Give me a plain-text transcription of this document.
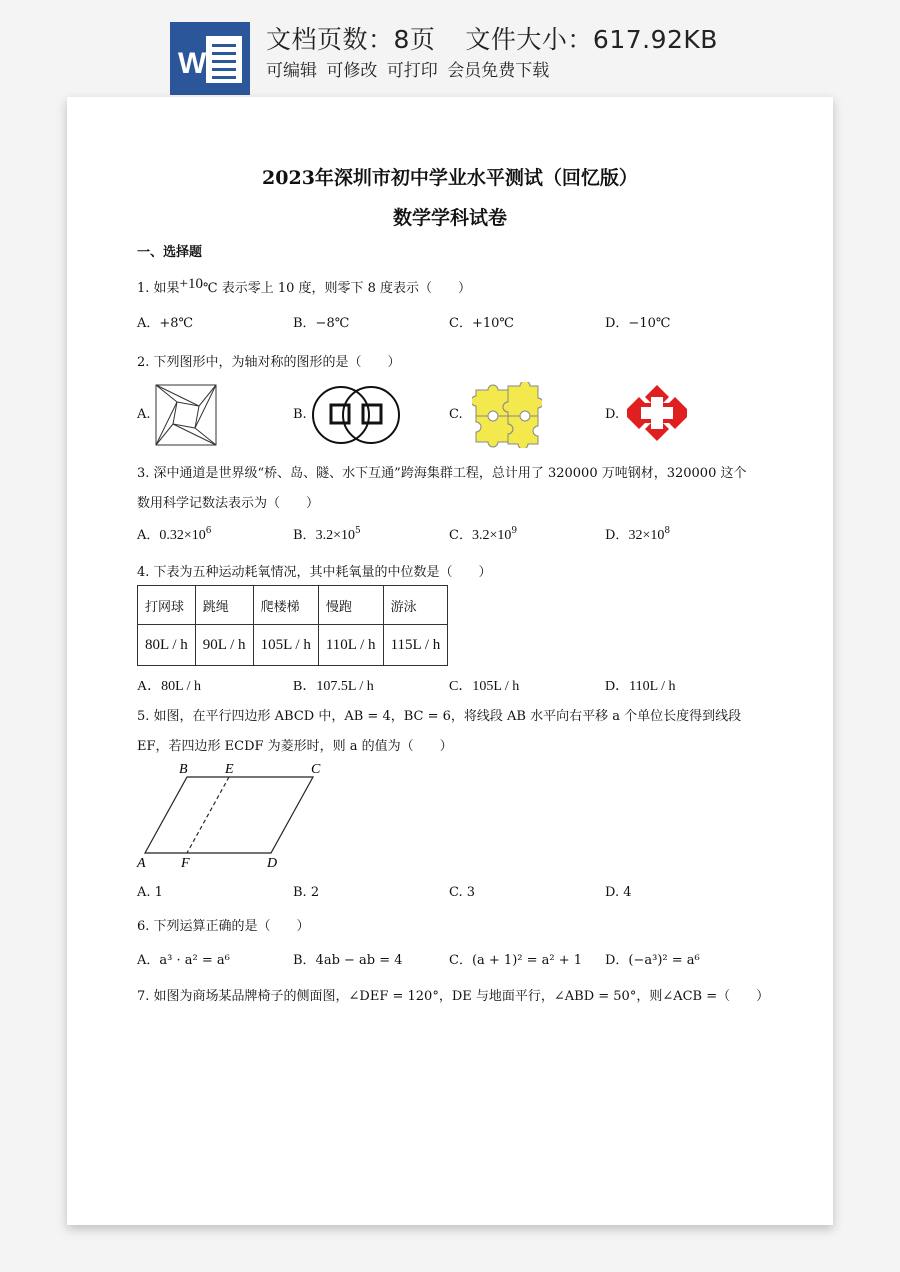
W
文档页数：8页 文件大小：617.92KB
可编辑 可修改 可打印 会员免费下载
2023年深圳市初中学业水平测试（回忆版）
数学学科试卷
一、选择题
1. 如果+10℃ 表示零上 10 度，则零下 8 度表示（　　）
A．+8℃	B．−8℃	C．+10℃	D．−10℃
2. 下列图形中，为轴对称的图形的是（　　）
A.	B.	C.	D.
3. 深中通道是世界级“桥、岛、隧、水下互通”跨海集群工程，总计用了 320000 万吨钢材，320000 这个
数用科学记数法表示为（　　）
A．$0.32\times 10^6$	B．$3.2\times 10^5$	C．$3.2\times 10^9$	D．$32\times 10^8$
4. 下表为五种运动耗氧情况，其中耗氧量的中位数是（　　）
打网球	跳绳	爬楼梯	慢跑	游泳
80L / h	90L / h	105L / h	110L / h	115L / h
A．80L / h	B．107.5L / h	C．105L / h	D．110L / h
5. 如图，在平行四边形 ABCD 中，AB = 4，BC = 6，将线段 AB 水平向右平移 a 个单位长度得到线段
EF，若四边形 ECDF 为菱形时，则 a 的值为（　　）
B	E	C
A	F	D
A. 1	B. 2	C. 3	D. 4
6. 下列运算正确的是（　　）
A．a³ · a² = a⁶	B．4ab − ab = 4	C．(a + 1)² = a² + 1 D．(−a³)² = a⁶
7. 如图为商场某品牌椅子的侧面图，∠DEF = 120°，DE 与地面平行，∠ABD = 50°，则∠ACB =（　　）
